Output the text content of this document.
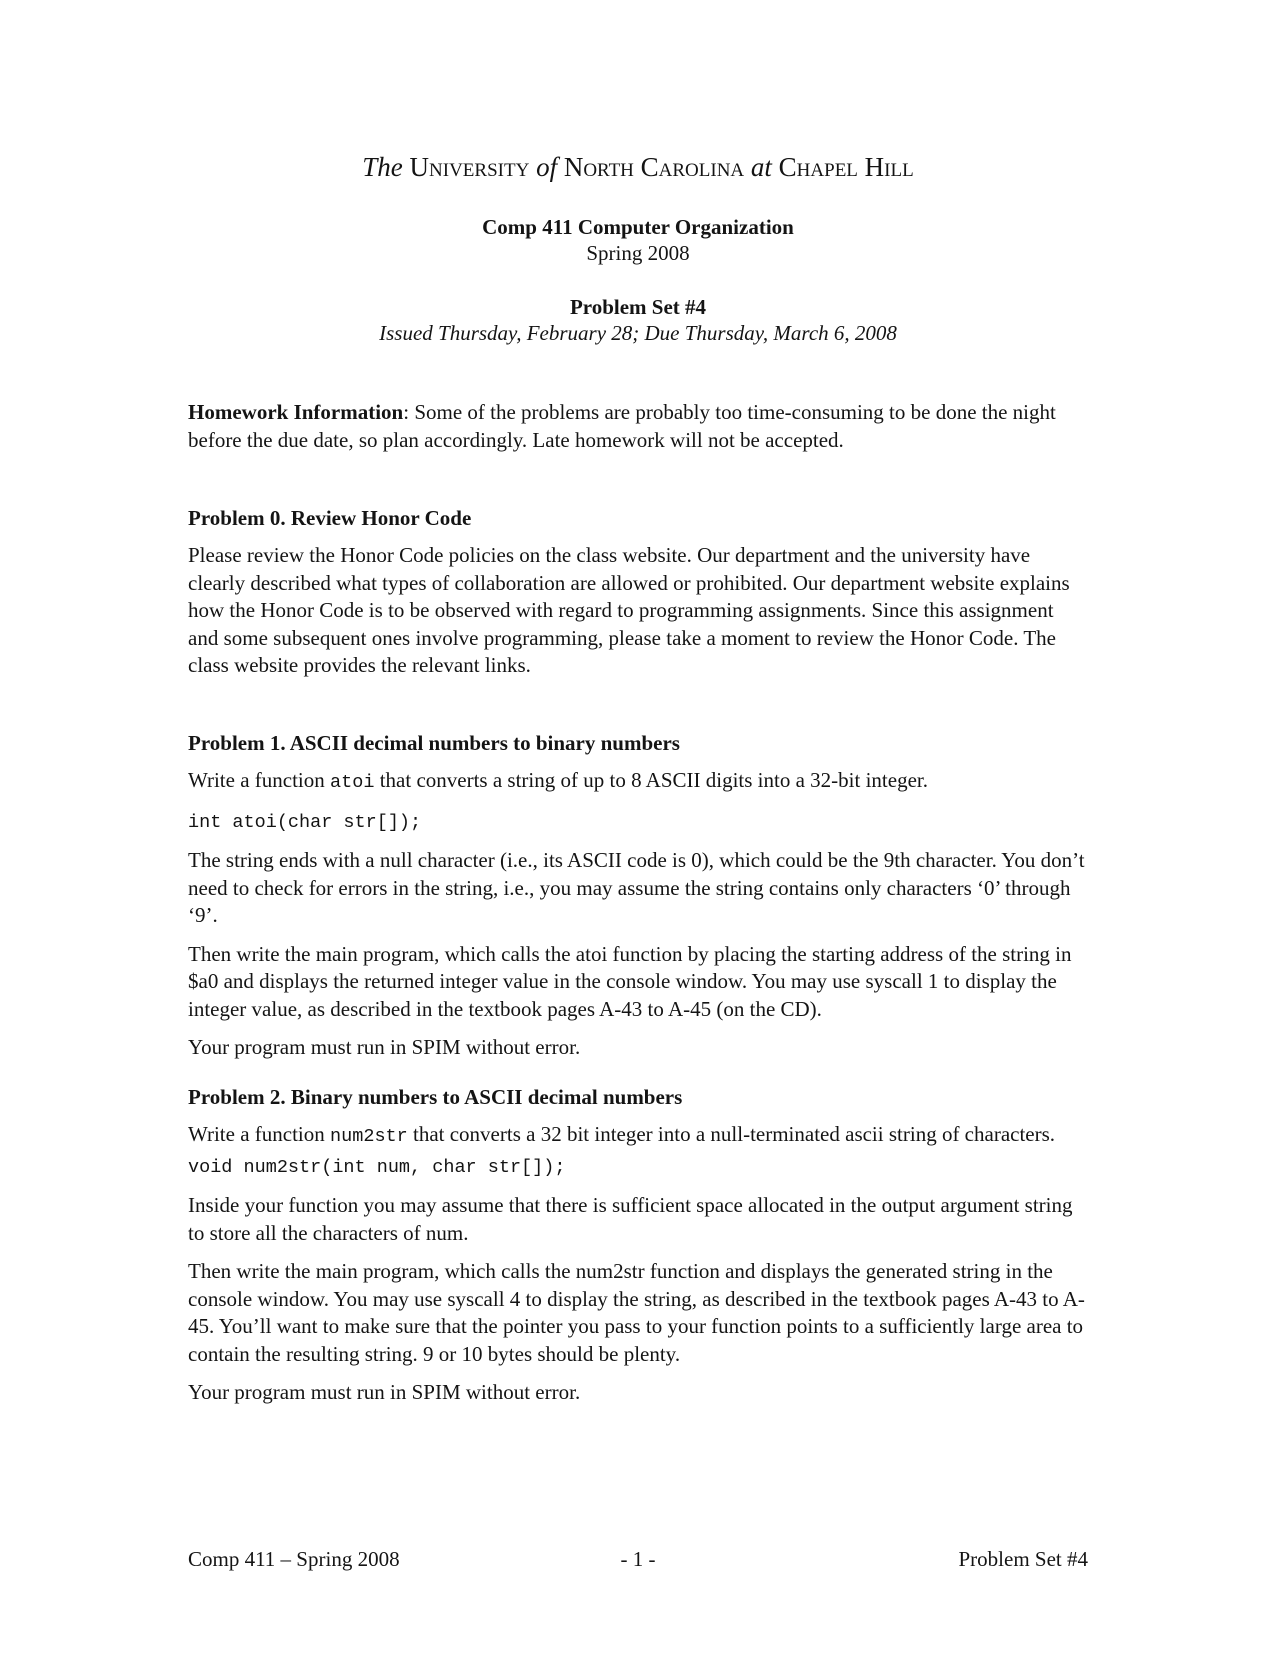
The University of North Carolina at Chapel Hill
Comp 411 Computer Organization
Spring 2008
Problem Set #4
Issued Thursday, February 28; Due Thursday, March 6, 2008

Homework Information: Some of the problems are probably too time-consuming to be done the night before the due date, so plan accordingly. Late homework will not be accepted.

Problem 0. Review Honor Code

Please review the Honor Code policies on the class website. Our department and the university have clearly described what types of collaboration are allowed or prohibited. Our department website explains how the Honor Code is to be observed with regard to programming assignments. Since this assignment and some subsequent ones involve programming, please take a moment to review the Honor Code. The class website provides the relevant links.

Problem 1. ASCII decimal numbers to binary numbers

Write a function atoi that converts a string of up to 8 ASCII digits into a 32-bit integer.

int atoi(char str[]);

The string ends with a null character (i.e., its ASCII code is 0), which could be the 9th character. You don’t need to check for errors in the string, i.e., you may assume the string contains only characters ‘0’ through ‘9’.

Then write the main program, which calls the atoi function by placing the starting address of the string in $a0 and displays the returned integer value in the console window. You may use syscall 1 to display the integer value, as described in the textbook pages A-43 to A-45 (on the CD).

Your program must run in SPIM without error.

Problem 2. Binary numbers to ASCII decimal numbers

Write a function num2str that converts a 32 bit integer into a null-terminated ascii string of characters.

void num2str(int num, char str[]);

Inside your function you may assume that there is sufficient space allocated in the output argument string to store all the characters of num.

Then write the main program, which calls the num2str function and displays the generated string in the console window. You may use syscall 4 to display the string, as described in the textbook pages A-43 to A-45. You’ll want to make sure that the pointer you pass to your function points to a sufficiently large area to contain the resulting string. 9 or 10 bytes should be plenty.

Your program must run in SPIM without error.

- 1 -
Comp 411 – Spring 2008	Problem Set #4
